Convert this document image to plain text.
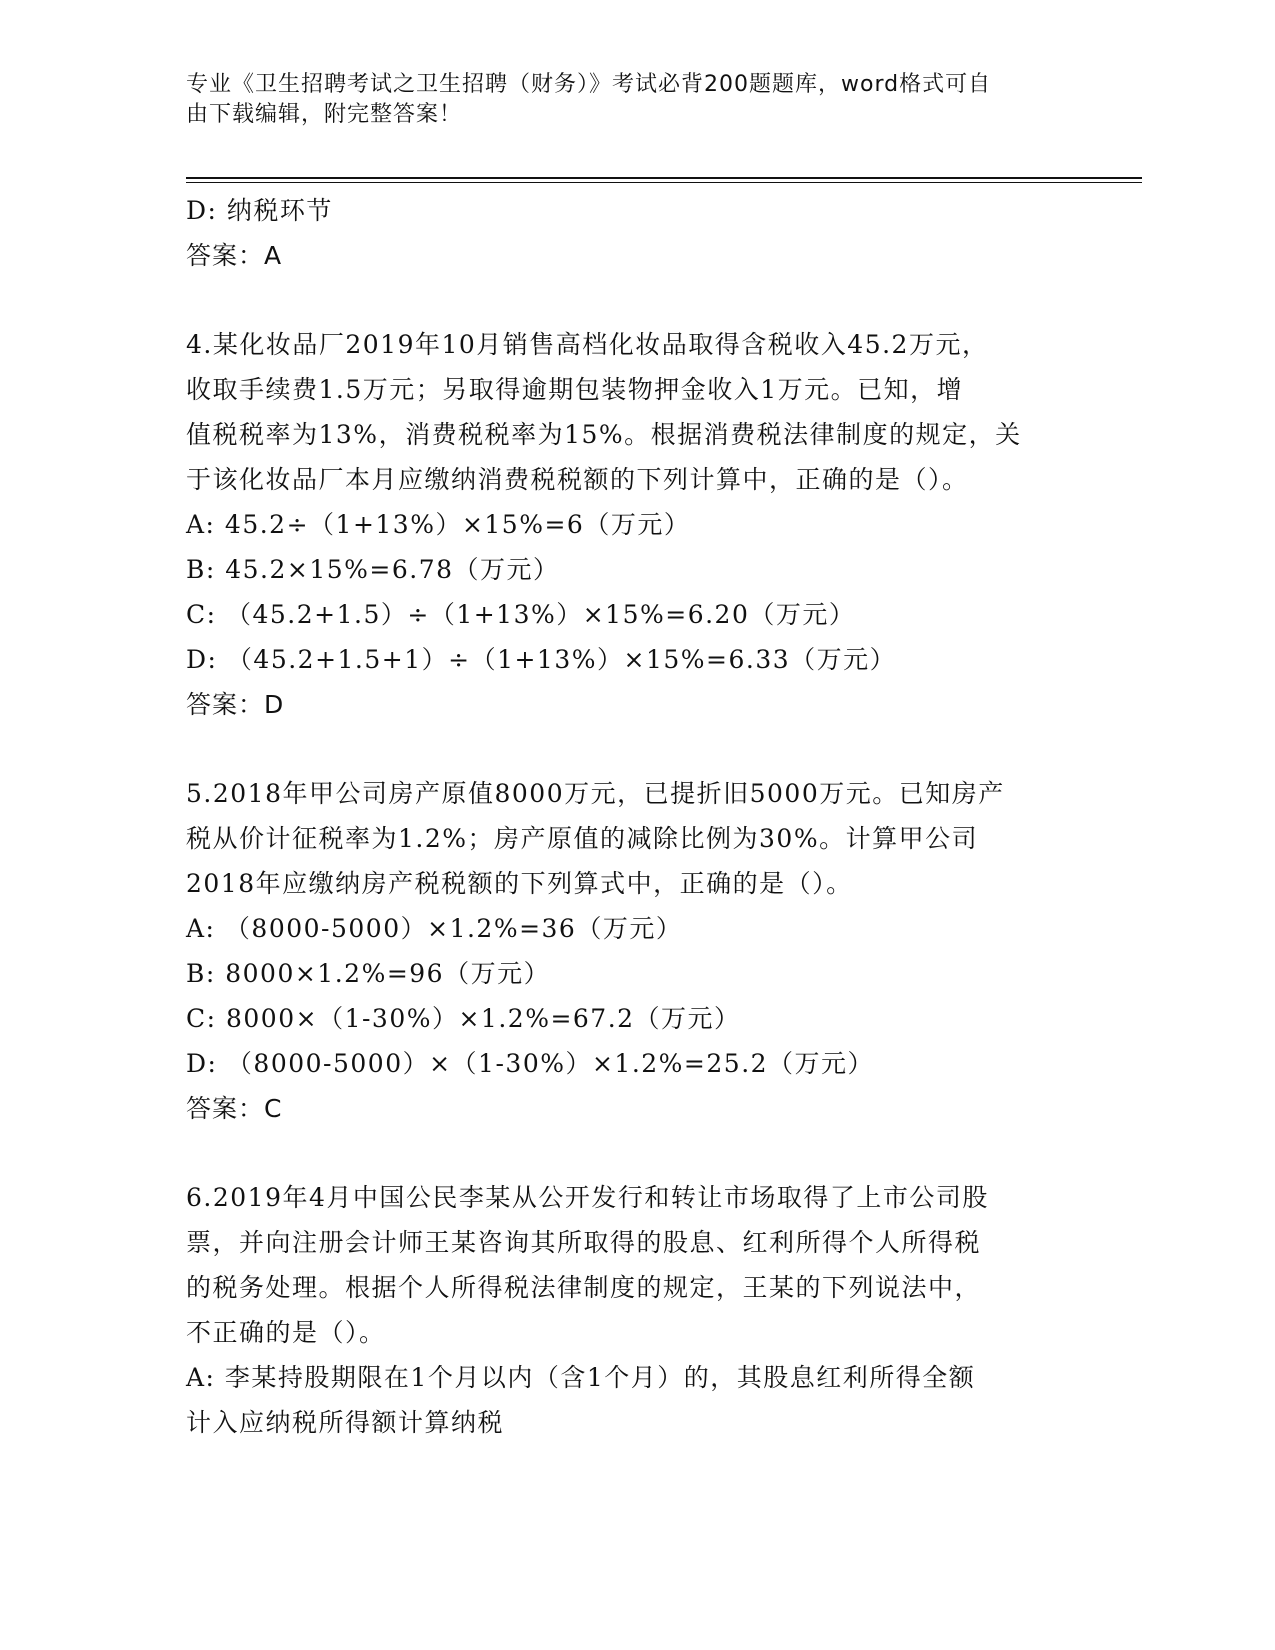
专业《卫生招聘考试之卫生招聘（财务）》考试必背200题题库，word格式可自
由下载编辑，附完整答案！
D: 纳税环节
答案：A
4.某化妆品厂2019年10月销售高档化妆品取得含税收入45.2万元，
收取手续费1.5万元；另取得逾期包装物押金收入1万元。已知，增
值税税率为13%，消费税税率为15%。根据消费税法律制度的规定，关
于该化妆品厂本月应缴纳消费税税额的下列计算中，正确的是（）。
A: 45.2÷（1+13%）×15%=6（万元）
B: 45.2×15%=6.78（万元）
C: （45.2+1.5）÷（1+13%）×15%=6.20（万元）
D: （45.2+1.5+1）÷（1+13%）×15%=6.33（万元）
答案：D
5.2018年甲公司房产原值8000万元，已提折旧5000万元。已知房产
税从价计征税率为1.2%；房产原值的减除比例为30%。计算甲公司
2018年应缴纳房产税税额的下列算式中，正确的是（）。
A: （8000-5000）×1.2%=36（万元）
B: 8000×1.2%=96（万元）
C: 8000×（1-30%）×1.2%=67.2（万元）
D: （8000-5000）×（1-30%）×1.2%=25.2（万元）
答案：C
6.2019年4月中国公民李某从公开发行和转让市场取得了上市公司股
票，并向注册会计师王某咨询其所取得的股息、红利所得个人所得税
的税务处理。根据个人所得税法律制度的规定，王某的下列说法中，
不正确的是（）。
A: 李某持股期限在1个月以内（含1个月）的，其股息红利所得全额
计入应纳税所得额计算纳税
